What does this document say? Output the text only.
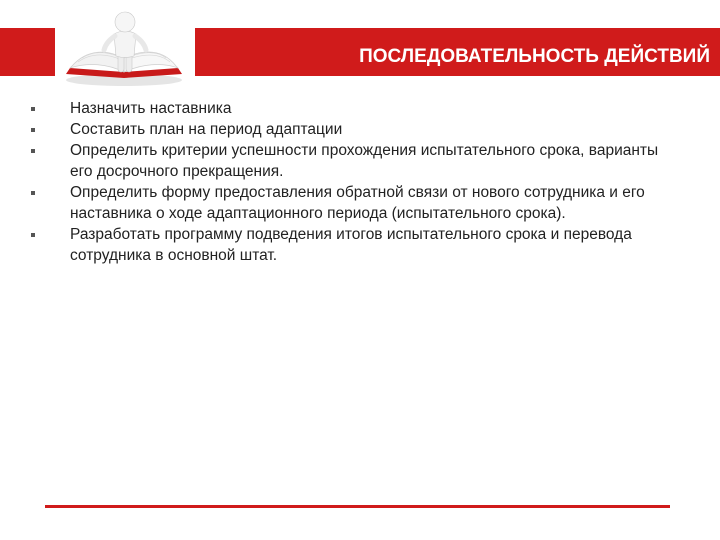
ПОСЛЕДОВАТЕЛЬНОСТЬ ДЕЙСТВИЙ
Назначить наставника
Составить план на период адаптации
Определить критерии успешности прохождения испытательного срока, варианты его досрочного прекращения.
Определить форму предоставления обратной связи от нового сотрудника и его наставника о ходе адаптационного периода (испытательного срока).
Разработать программу подведения итогов испытательного срока и перевода сотрудника в основной штат.
